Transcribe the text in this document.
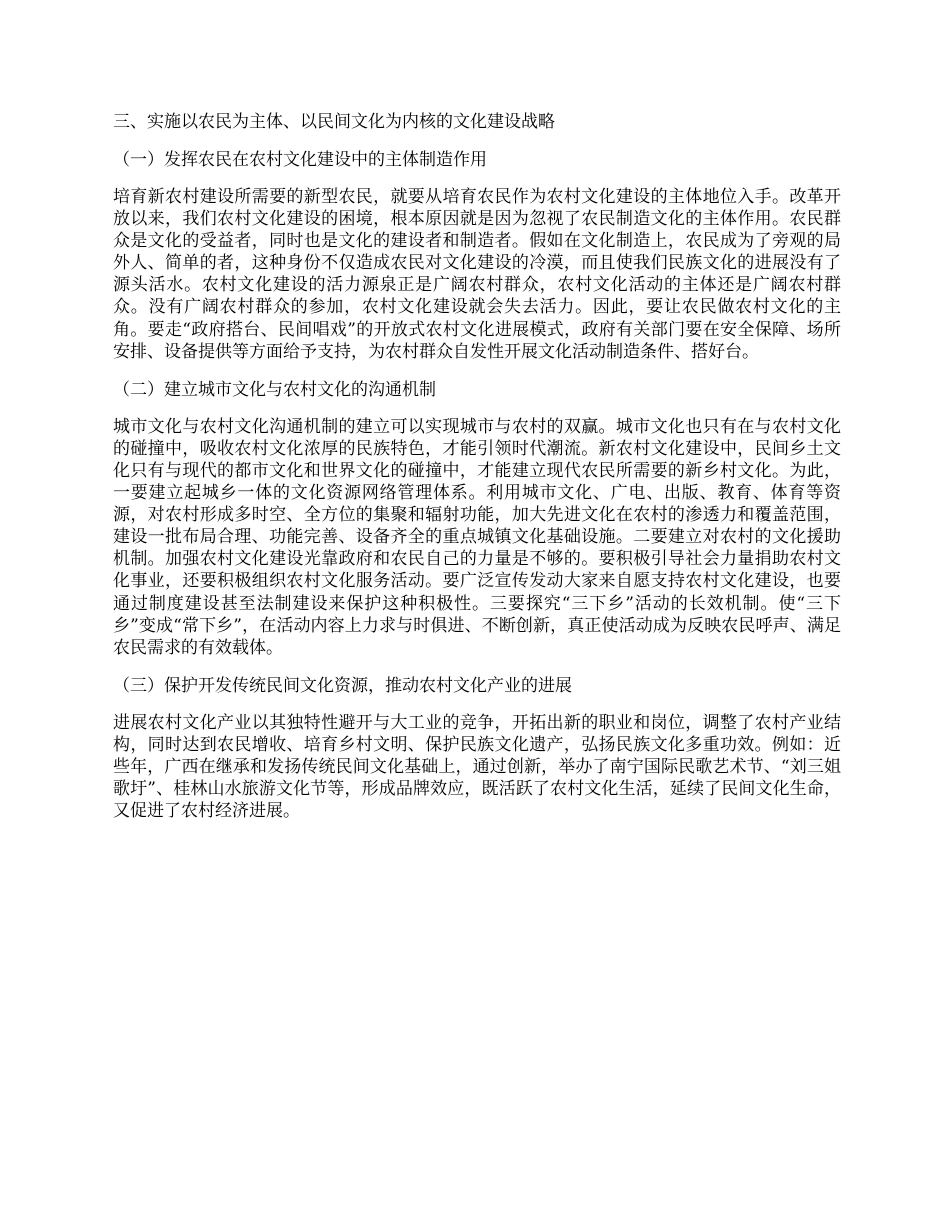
三、实施以农民为主体、以民间文化为内核的文化建设战略
（一）发挥农民在农村文化建设中的主体制造作用
培育新农村建设所需要的新型农民，就要从培育农民作为农村文化建设的主体地位入手。改革开放以来，我们农村文化建设的困境，根本原因就是因为忽视了农民制造文化的主体作用。农民群众是文化的受益者，同时也是文化的建设者和制造者。假如在文化制造上，农民成为了旁观的局外人、简单的者，这种身份不仅造成农民对文化建设的冷漠，而且使我们民族文化的进展没有了源头活水。农村文化建设的活力源泉正是广阔农村群众，农村文化活动的主体还是广阔农村群众。没有广阔农村群众的参加，农村文化建设就会失去活力。因此，要让农民做农村文化的主角。要走“政府搭台、民间唱戏”的开放式农村文化进展模式，政府有关部门要在安全保障、场所安排、设备提供等方面给予支持，为农村群众自发性开展文化活动制造条件、搭好台。
（二）建立城市文化与农村文化的沟通机制
城市文化与农村文化沟通机制的建立可以实现城市与农村的双赢。城市文化也只有在与农村文化的碰撞中，吸收农村文化浓厚的民族特色，才能引领时代潮流。新农村文化建设中，民间乡土文化只有与现代的都市文化和世界文化的碰撞中，才能建立现代农民所需要的新乡村文化。为此，一要建立起城乡一体的文化资源网络管理体系。利用城市文化、广电、出版、教育、体育等资源，对农村形成多时空、全方位的集聚和辐射功能，加大先进文化在农村的渗透力和覆盖范围，建设一批布局合理、功能完善、设备齐全的重点城镇文化基础设施。二要建立对农村的文化援助机制。加强农村文化建设光靠政府和农民自己的力量是不够的。要积极引导社会力量捐助农村文化事业，还要积极组织农村文化服务活动。要广泛宣传发动大家来自愿支持农村文化建设，也要通过制度建设甚至法制建设来保护这种积极性。三要探究“三下乡”活动的长效机制。使“三下乡”变成“常下乡”，在活动内容上力求与时俱进、不断创新，真正使活动成为反映农民呼声、满足农民需求的有效载体。
（三）保护开发传统民间文化资源，推动农村文化产业的进展
进展农村文化产业以其独特性避开与大工业的竞争，开拓出新的职业和岗位，调整了农村产业结构，同时达到农民增收、培育乡村文明、保护民族文化遗产，弘扬民族文化多重功效。例如：近些年，广西在继承和发扬传统民间文化基础上，通过创新，举办了南宁国际民歌艺术节、“刘三姐歌圩”、桂林山水旅游文化节等，形成品牌效应，既活跃了农村文化生活，延续了民间文化生命，又促进了农村经济进展。
